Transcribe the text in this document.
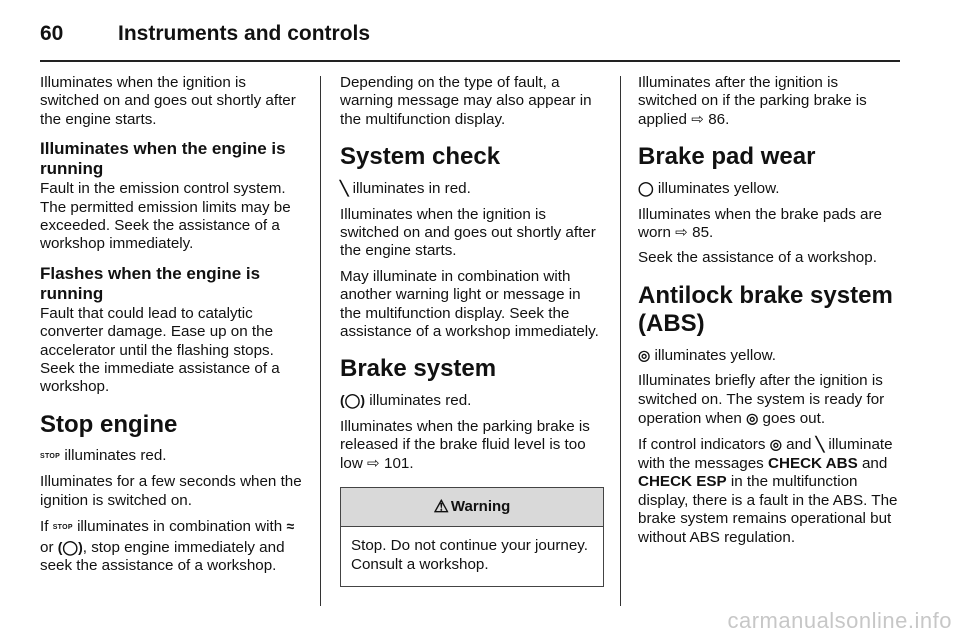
60	Instruments and controls

Illuminates when the ignition is switched on and goes out shortly after the engine starts.

Illuminates when the engine is running

Fault in the emission control system. The permitted emission limits may be exceeded. Seek the assistance of a workshop immediately.

Flashes when the engine is running

Fault that could lead to catalytic converter damage. Ease up on the accelerator until the flashing stops. Seek the immediate assistance of a workshop.

Stop engine

STOP illuminates red.

Illuminates for a few seconds when the ignition is switched on.

If STOP illuminates in combination with ≈ or (◯), stop engine immediately and seek the assistance of a workshop.

Depending on the type of fault, a warning message may also appear in the multifunction display.

System check

╲ illuminates in red.

Illuminates when the ignition is switched on and goes out shortly after the engine starts.

May illuminate in combination with another warning light or message in the multifunction display. Seek the assistance of a workshop immediately.

Brake system

(◯) illuminates red.

Illuminates when the parking brake is released if the brake fluid level is too low ⇨ 101.

⚠ Warning
Stop. Do not continue your journey. Consult a workshop.

Illuminates after the ignition is switched on if the parking brake is applied ⇨ 86.

Brake pad wear

◯ illuminates yellow.

Illuminates when the brake pads are worn ⇨ 85.

Seek the assistance of a workshop.

Antilock brake system (ABS)

◎ illuminates yellow.

Illuminates briefly after the ignition is switched on. The system is ready for operation when ◎ goes out.

If control indicators ◎ and ╲ illuminate with the messages CHECK ABS and CHECK ESP in the multifunction display, there is a fault in the ABS. The brake system remains operational but without ABS regulation.

carmanualsonline.info
